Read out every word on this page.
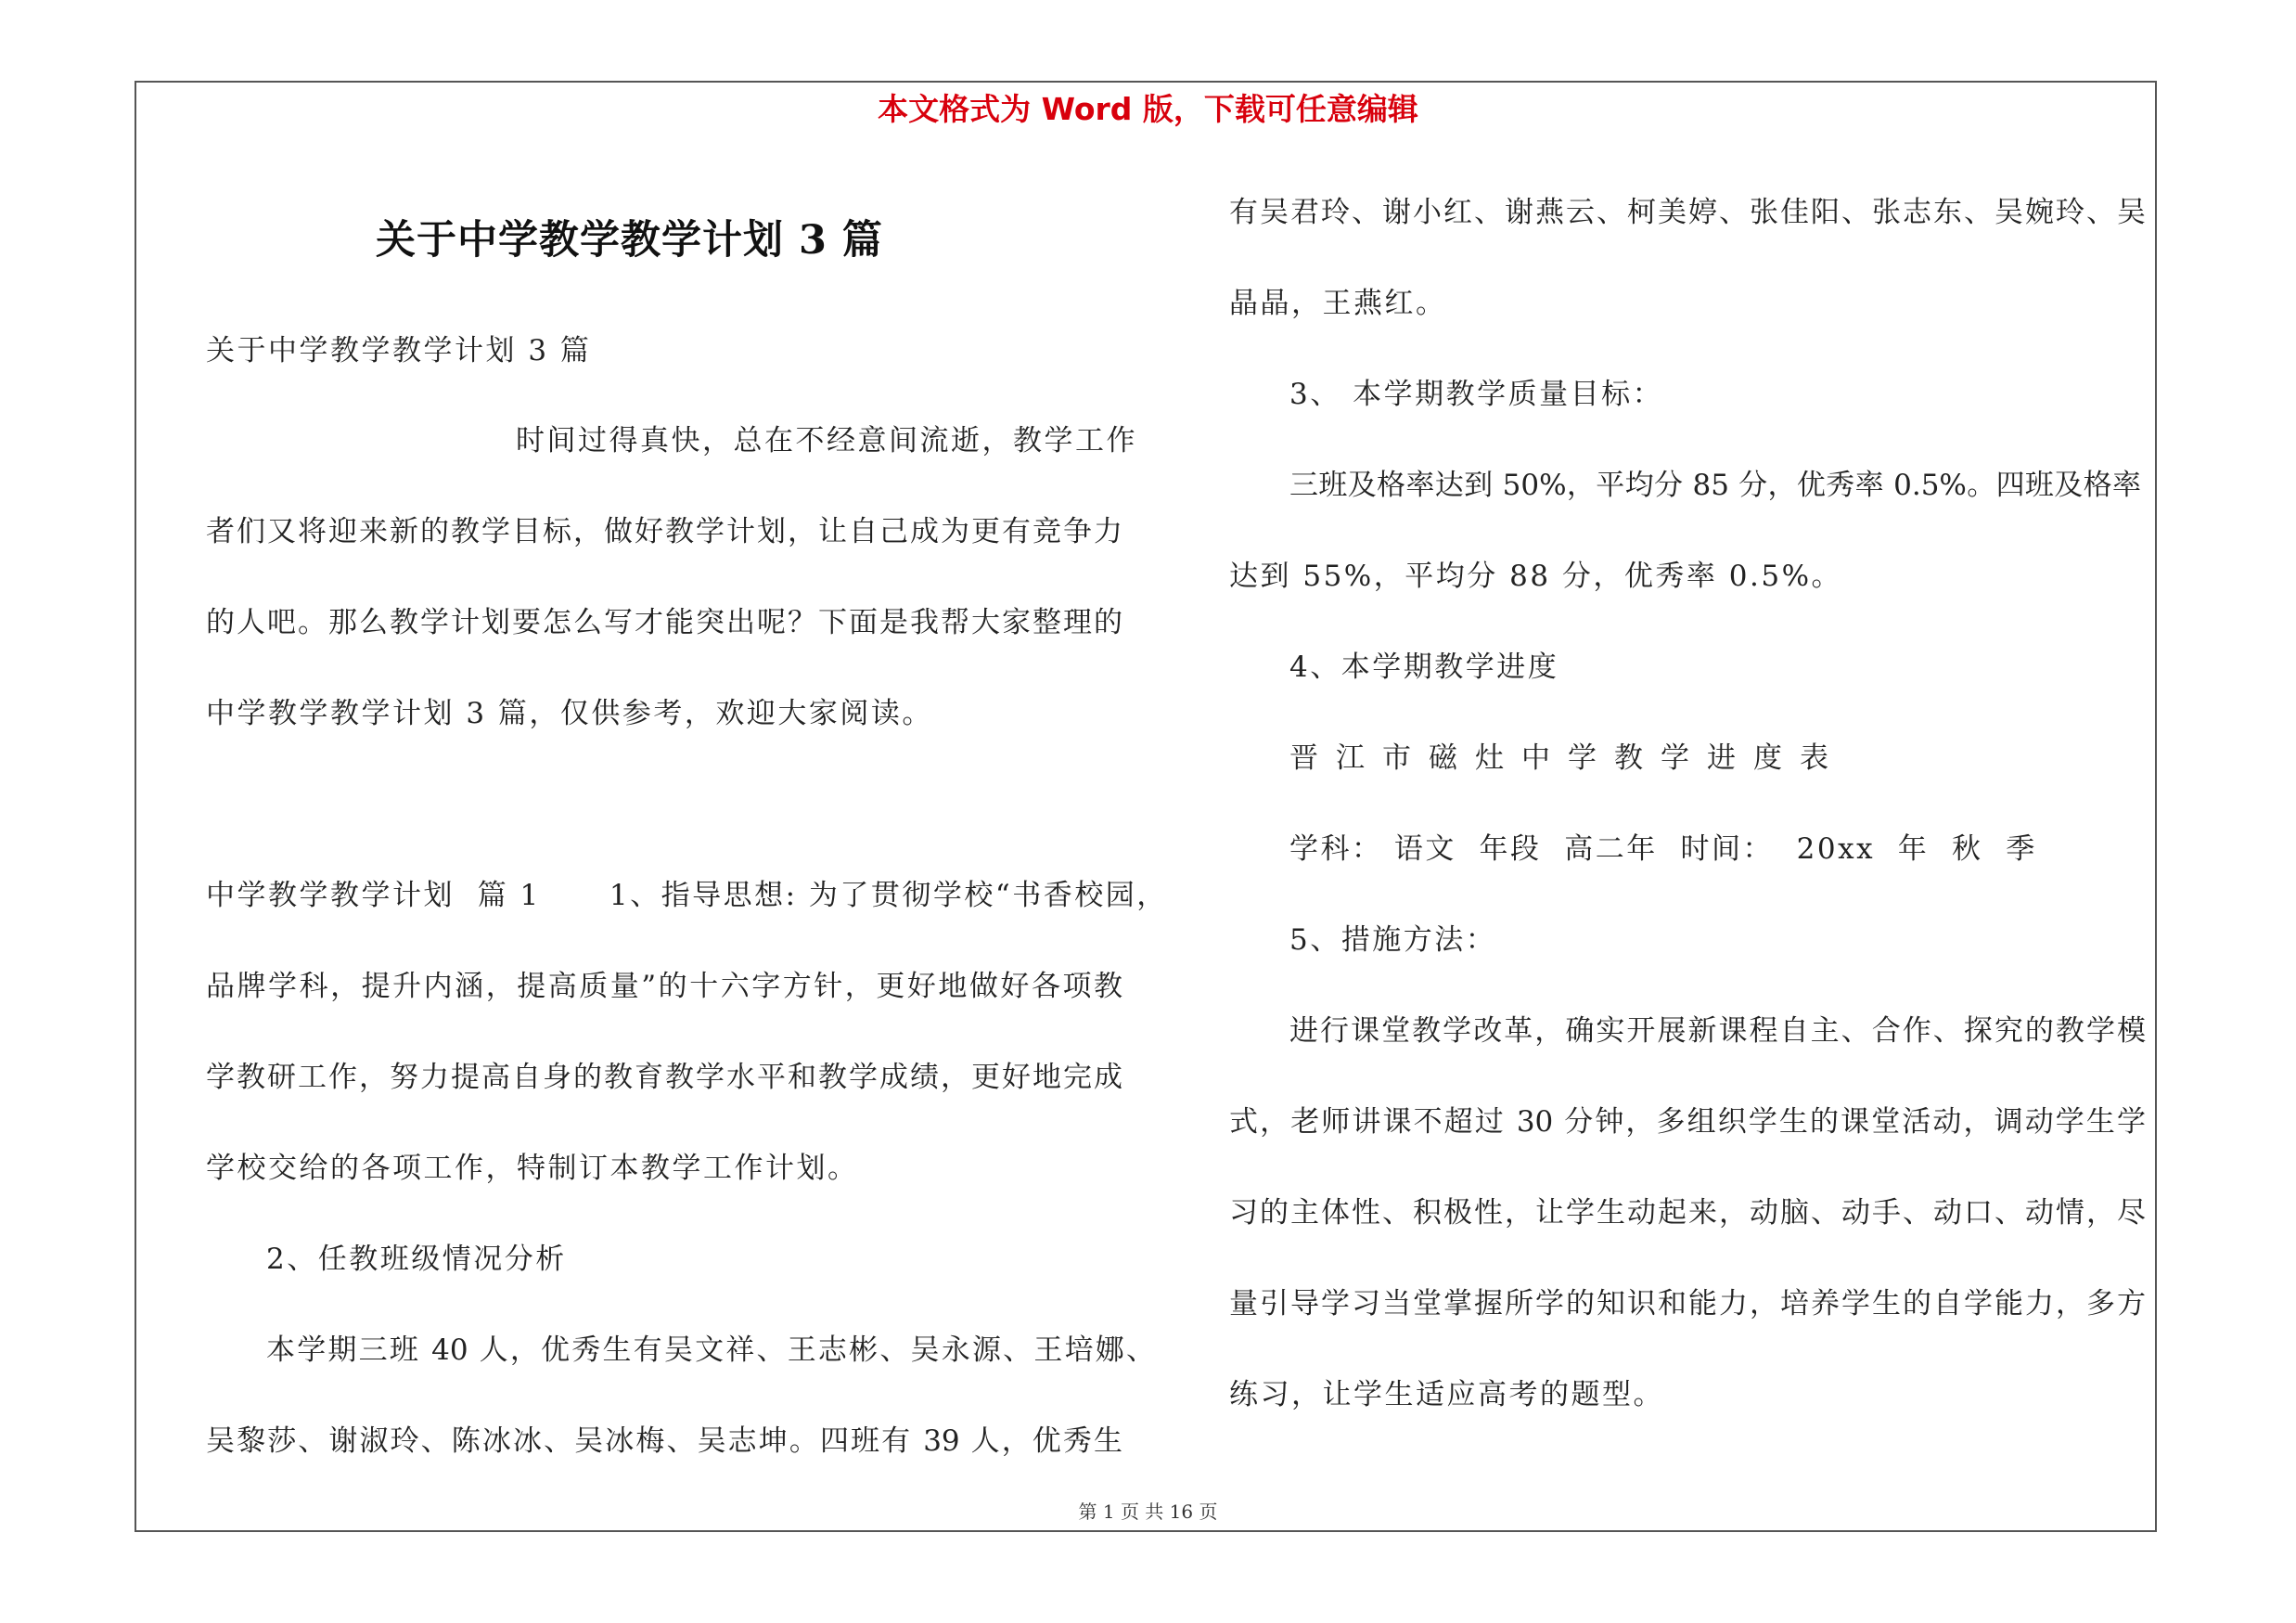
本文格式为 Word 版，下载可任意编辑
关于中学教学教学计划 3 篇
关于中学教学教学计划 3 篇
时间过得真快，总在不经意间流逝，教学工作
者们又将迎来新的教学目标，做好教学计划，让自己成为更有竞争力
的人吧。那么教学计划要怎么写才能突出呢？下面是我帮大家整理的
中学教学教学计划 3 篇，仅供参考，欢迎大家阅读。
中学教学教学计划  篇 1      1、指导思想: 为了贯彻学校“书香校园，
品牌学科，提升内涵，提高质量”的十六字方针，更好地做好各项教
学教研工作，努力提高自身的教育教学水平和教学成绩，更好地完成
学校交给的各项工作，特制订本教学工作计划。
2、任教班级情况分析
本学期三班 40 人，优秀生有吴文祥、王志彬、吴永源、王培娜、
吴黎莎、谢淑玲、陈冰冰、吴冰梅、吴志坤。四班有 39 人，优秀生
有吴君玲、谢小红、谢燕云、柯美婷、张佳阳、张志东、吴婉玲、吴
晶晶，王燕红。
3、 本学期教学质量目标：
三班及格率达到 50%，平均分 85 分，优秀率 0.5%。四班及格率
达到 55%，平均分 88 分，优秀率 0.5%。
4、本学期教学进度
晋江市磁灶中学教学进度表
学科： 语文  年段  高二年  时间：  20xx  年  秋  季
5、措施方法：
进行课堂教学改革，确实开展新课程自主、合作、探究的教学模
式，老师讲课不超过 30 分钟，多组织学生的课堂活动，调动学生学
习的主体性、积极性，让学生动起来，动脑、动手、动口、动情，尽
量引导学习当堂掌握所学的知识和能力，培养学生的自学能力，多方
练习，让学生适应高考的题型。
第 1 页 共 16 页
